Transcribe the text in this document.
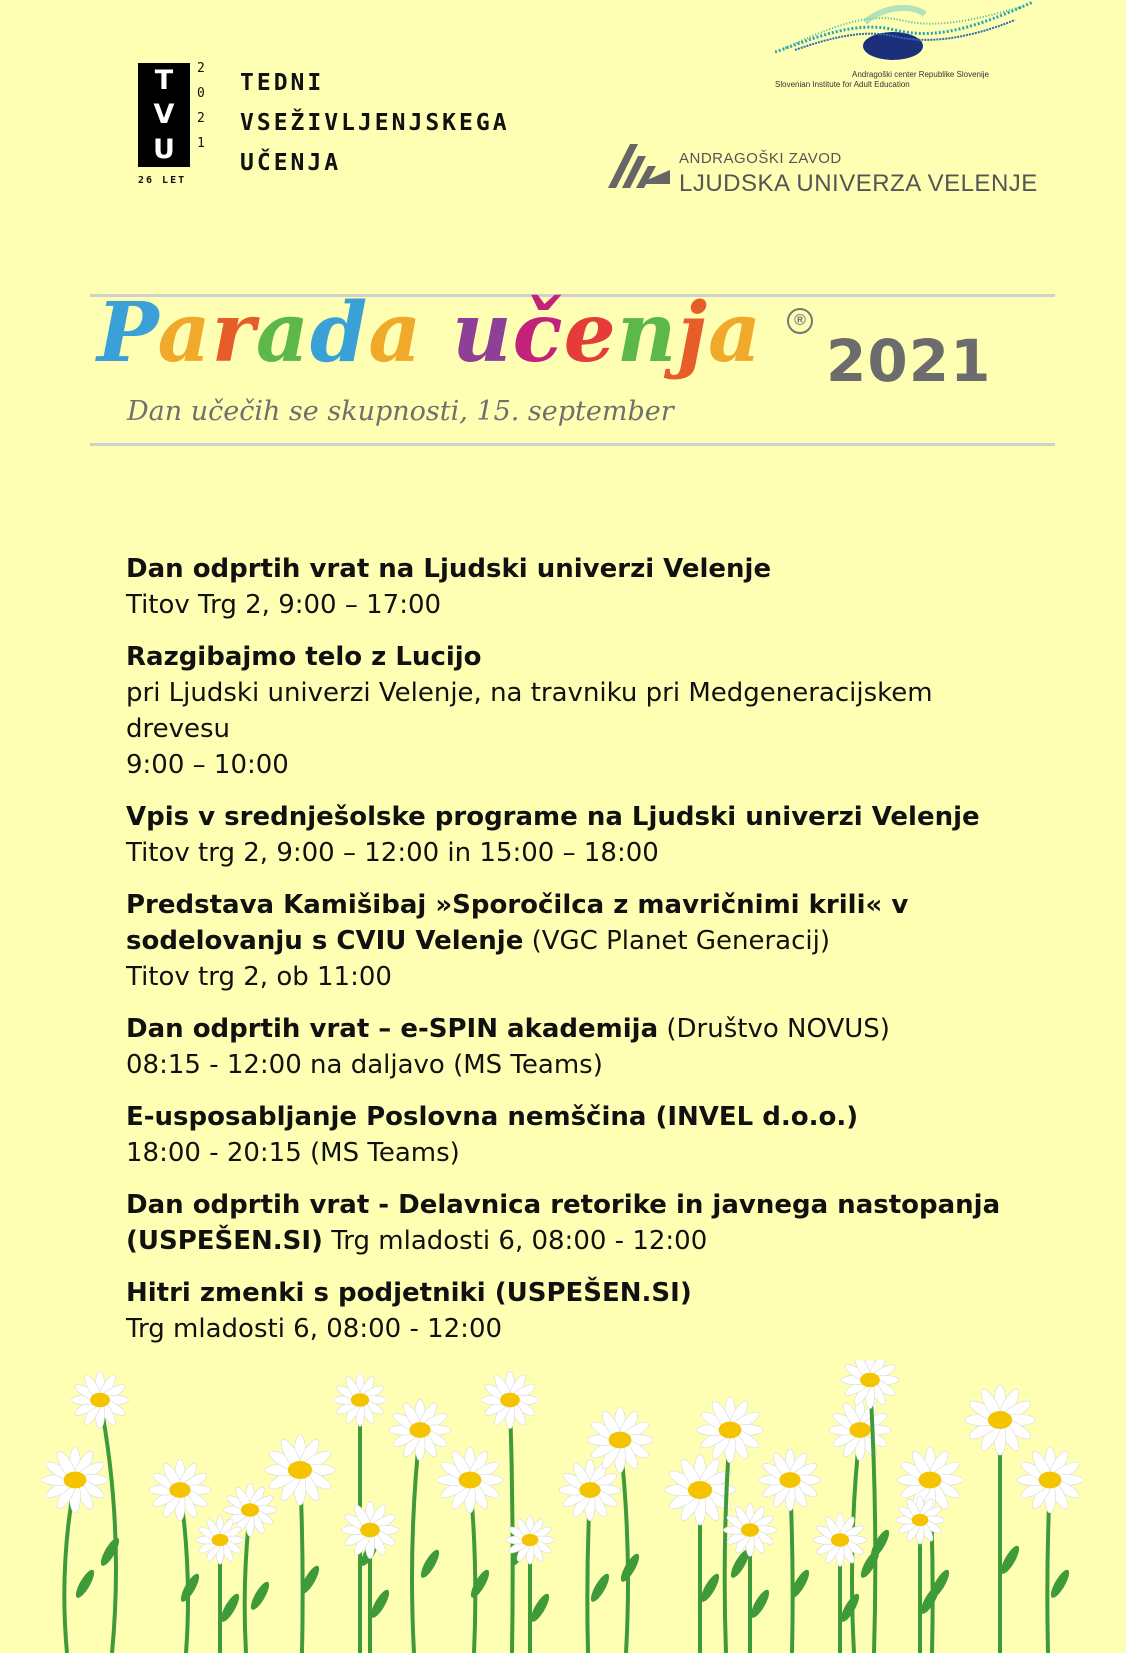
T
V
U
2
0
2
1
26 LET
TEDNI
VSEŽIVLJENJSKEGA
UČENJA
Andragoški center Republike Slovenije
Slovenian Institute for Adult Education
ANDRAGOŠKI ZAVOD
LJUDSKA UNIVERZA VELENJE
Parada učenja	®
2021
Dan učečih se skupnosti, 15. september
Dan odprtih vrat na Ljudski univerzi Velenje
Titov Trg 2, 9:00 – 17:00
Razgibajmo telo z Lucijo
pri Ljudski univerzi Velenje, na travniku pri Medgeneracijskem drevesu
9:00 – 10:00
Vpis v srednješolske programe na Ljudski univerzi Velenje
Titov trg 2, 9:00 – 12:00 in 15:00 – 18:00
Predstava Kamišibaj »Sporočilca z mavričnimi krili« v sodelovanju s CVIU Velenje (VGC Planet Generacij)
Titov trg 2, ob 11:00
Dan odprtih vrat – e-SPIN akademija (Društvo NOVUS)
08:15 - 12:00 na daljavo (MS Teams)
E-usposabljanje Poslovna nemščina (INVEL d.o.o.)
18:00 - 20:15 (MS Teams)
Dan odprtih vrat - Delavnica retorike in javnega nastopanja (USPEŠEN.SI) Trg mladosti 6, 08:00 - 12:00
Hitri zmenki s podjetniki (USPEŠEN.SI)
Trg mladosti 6, 08:00 - 12:00
